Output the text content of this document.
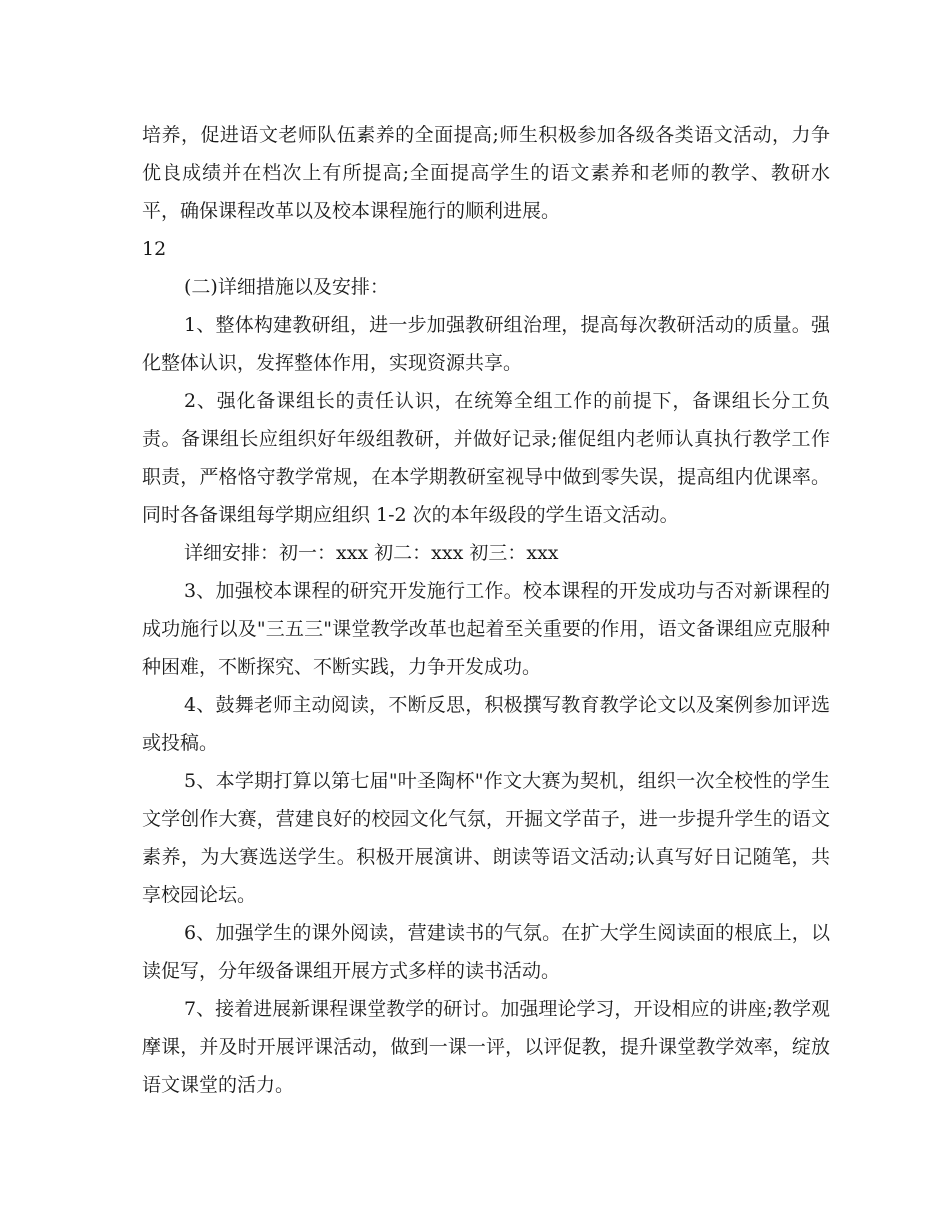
培养，促进语文老师队伍素养的全面提高;师生积极参加各级各类语文活动，力争优良成绩并在档次上有所提高;全面提高学生的语文素养和老师的教学、教研水平，确保课程改革以及校本课程施行的顺利进展。

12

(二)详细措施以及安排：

1、整体构建教研组，进一步加强教研组治理，提高每次教研活动的质量。强化整体认识，发挥整体作用，实现资源共享。

2、强化备课组长的责任认识，在统筹全组工作的前提下，备课组长分工负责。备课组长应组织好年级组教研，并做好记录;催促组内老师认真执行教学工作职责，严格恪守教学常规，在本学期教研室视导中做到零失误，提高组内优课率。同时各备课组每学期应组织 1-2 次的本年级段的学生语文活动。

详细安排：初一：xxx 初二：xxx 初三：xxx

3、加强校本课程的研究开发施行工作。校本课程的开发成功与否对新课程的成功施行以及"三五三"课堂教学改革也起着至关重要的作用，语文备课组应克服种种困难，不断探究、不断实践，力争开发成功。

4、鼓舞老师主动阅读，不断反思，积极撰写教育教学论文以及案例参加评选或投稿。

5、本学期打算以第七届"叶圣陶杯"作文大赛为契机，组织一次全校性的学生文学创作大赛，营建良好的校园文化气氛，开掘文学苗子，进一步提升学生的语文素养，为大赛选送学生。积极开展演讲、朗读等语文活动;认真写好日记随笔，共享校园论坛。

6、加强学生的课外阅读，营建读书的气氛。在扩大学生阅读面的根底上，以读促写，分年级备课组开展方式多样的读书活动。

7、接着进展新课程课堂教学的研讨。加强理论学习，开设相应的讲座;教学观摩课，并及时开展评课活动，做到一课一评，以评促教，提升课堂教学效率，绽放语文课堂的活力。
